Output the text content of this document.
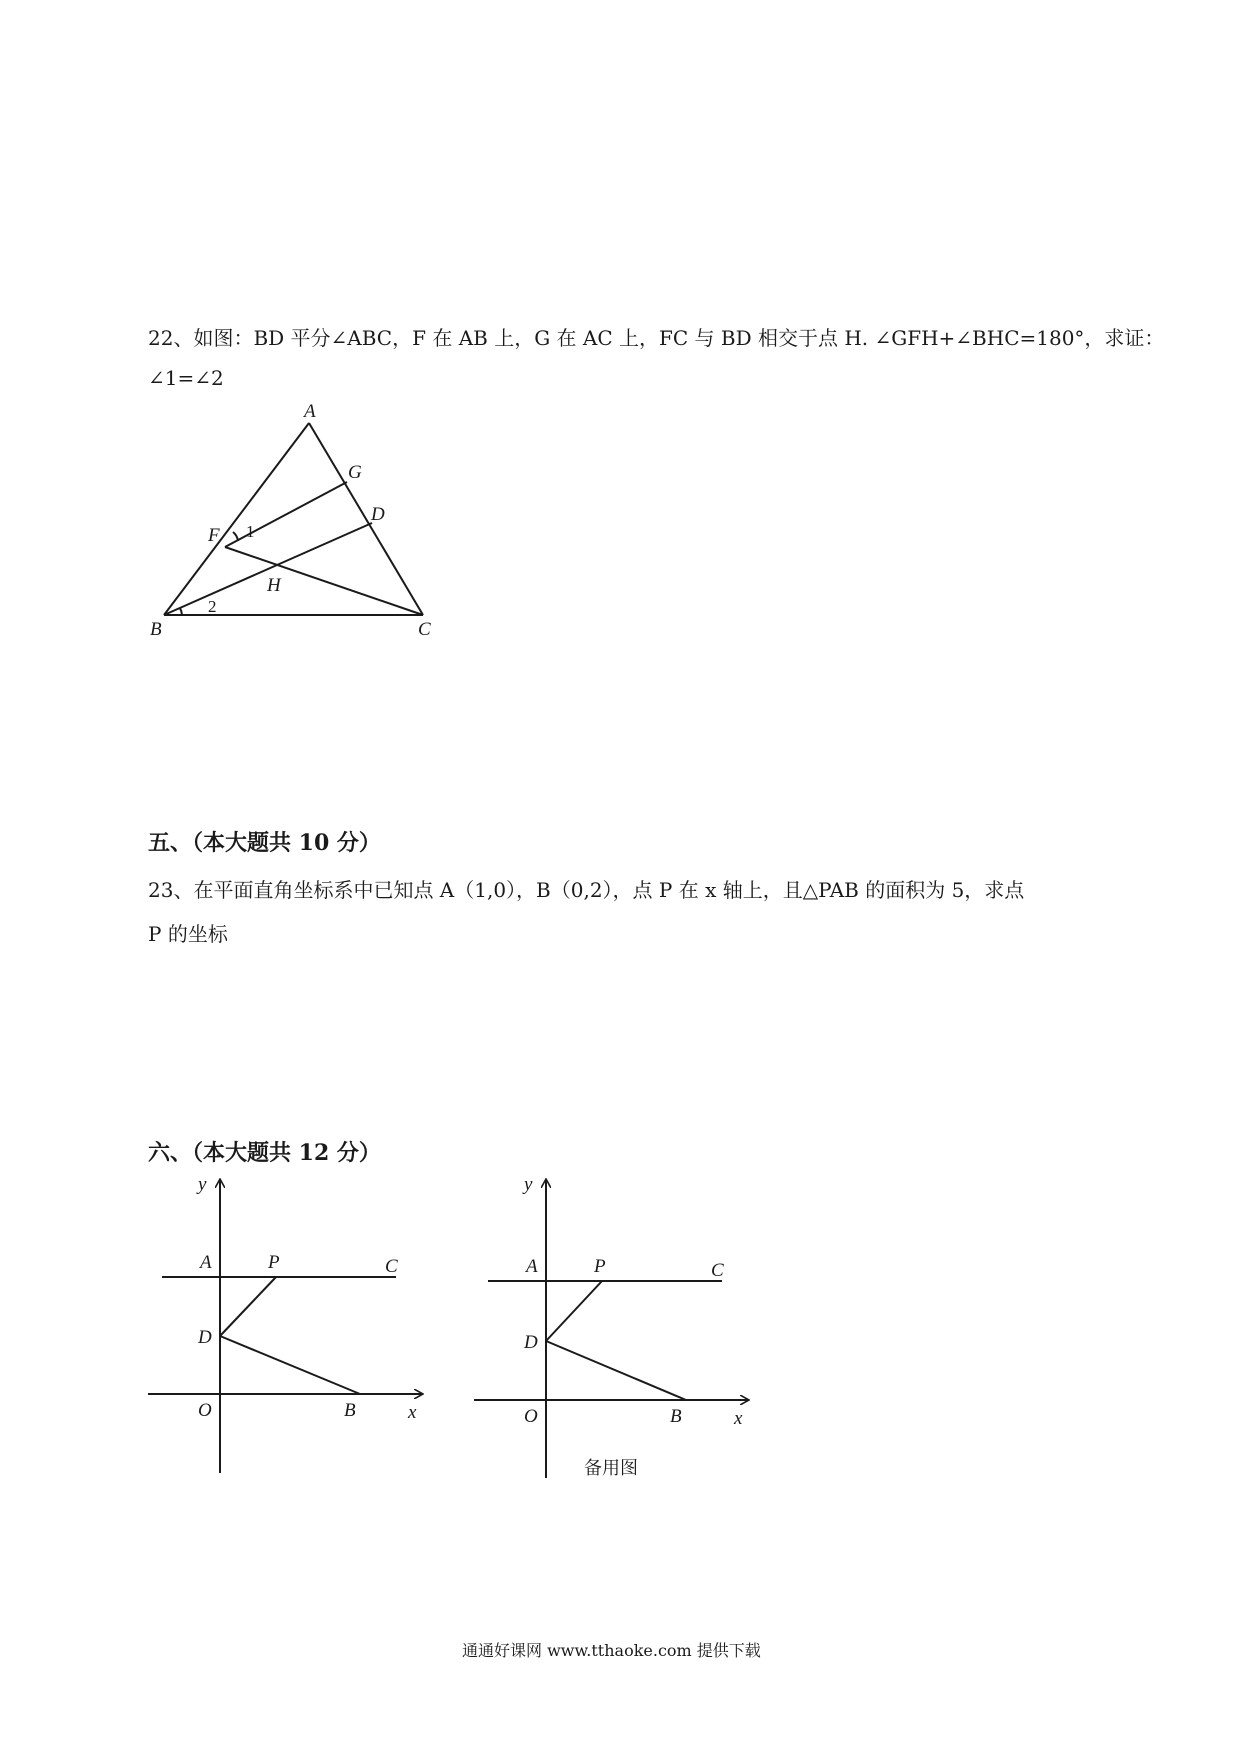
22、如图：BD 平分∠ABC，F 在 AB 上，G 在 AC 上，FC 与 BD 相交于点 H. ∠GFH+∠BHC=180°，求证：
∠1=∠2
A
G
D
F 1
H
2
B	C
五、（本大题共 10 分）
23、在平面直角坐标系中已知点 A（1,0），B（0,2），点 P 在 x 轴上，且△PAB 的面积为 5，求点
P 的坐标
六、（本大题共 12 分）
y
A	P	C
D
O	B	x
y
A	P	C
D
O	B	x
备用图
通通好课网 www.tthaoke.com 提供下载
